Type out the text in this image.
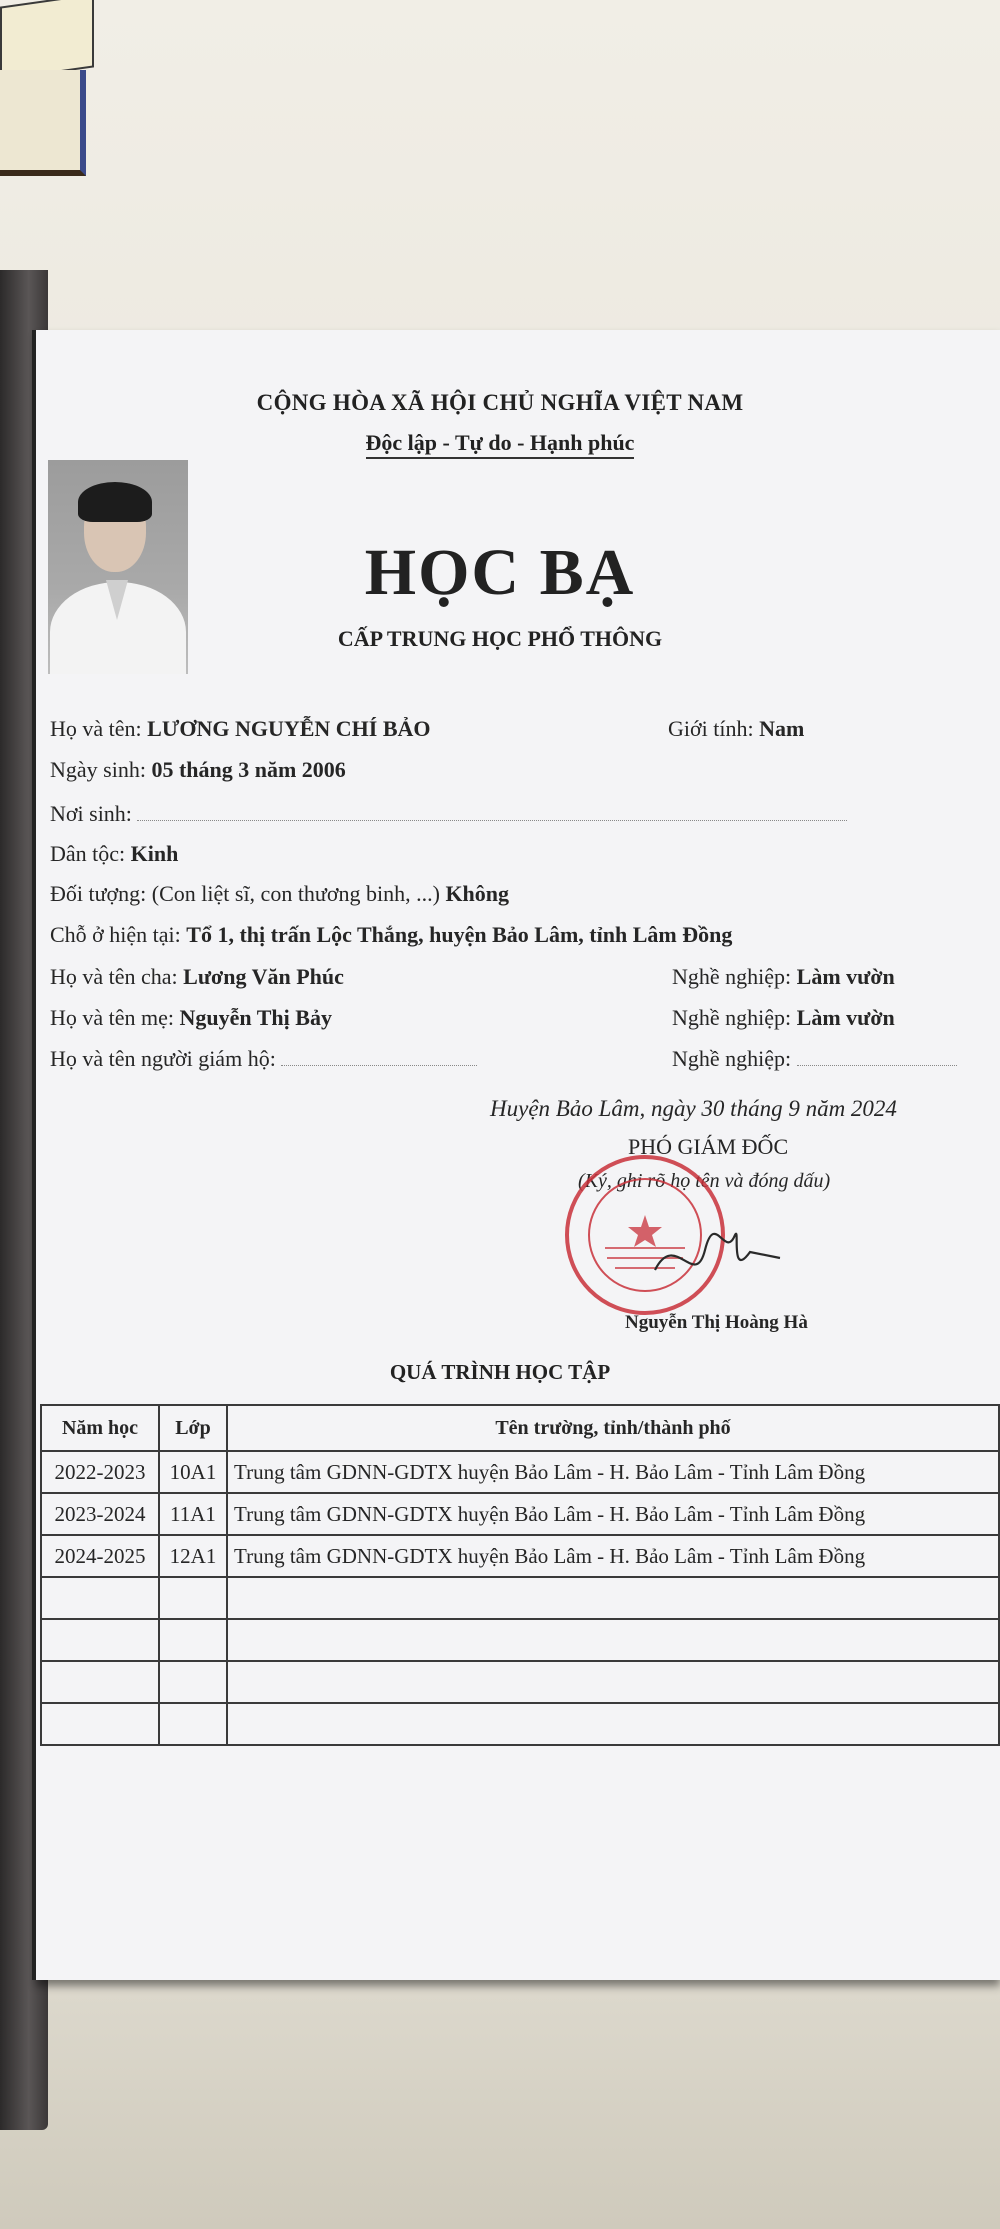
CỘNG HÒA XÃ HỘI CHỦ NGHĨA VIỆT NAM
Độc lập - Tự do - Hạnh phúc
HỌC BẠ
CẤP TRUNG HỌC PHỔ THÔNG
Họ và tên: LƯƠNG NGUYỄN CHÍ BẢO	Giới tính: Nam
Ngày sinh: 05 tháng 3 năm 2006
Nơi sinh:
Dân tộc: Kinh
Đối tượng: (Con liệt sĩ, con thương binh, ...) Không
Chỗ ở hiện tại: Tổ 1, thị trấn Lộc Thắng, huyện Bảo Lâm, tỉnh Lâm Đồng
Họ và tên cha: Lương Văn Phúc	Nghề nghiệp: Làm vườn
Họ và tên mẹ: Nguyễn Thị Bảy	Nghề nghiệp: Làm vườn
Họ và tên người giám hộ:	Nghề nghiệp:
Huyện Bảo Lâm, ngày 30 tháng 9 năm 2024
PHÓ GIÁM ĐỐC
(Ký, ghi rõ họ tên và đóng dấu)
Nguyễn Thị Hoàng Hà
QUÁ TRÌNH HỌC TẬP
Năm học	Lớp	Tên trường, tỉnh/thành phố
2022-2023	10A1	Trung tâm GDNN-GDTX huyện Bảo Lâm - H. Bảo Lâm - Tỉnh Lâm Đồng
2023-2024	11A1	Trung tâm GDNN-GDTX huyện Bảo Lâm - H. Bảo Lâm - Tỉnh Lâm Đồng
2024-2025	12A1	Trung tâm GDNN-GDTX huyện Bảo Lâm - H. Bảo Lâm - Tỉnh Lâm Đồng
